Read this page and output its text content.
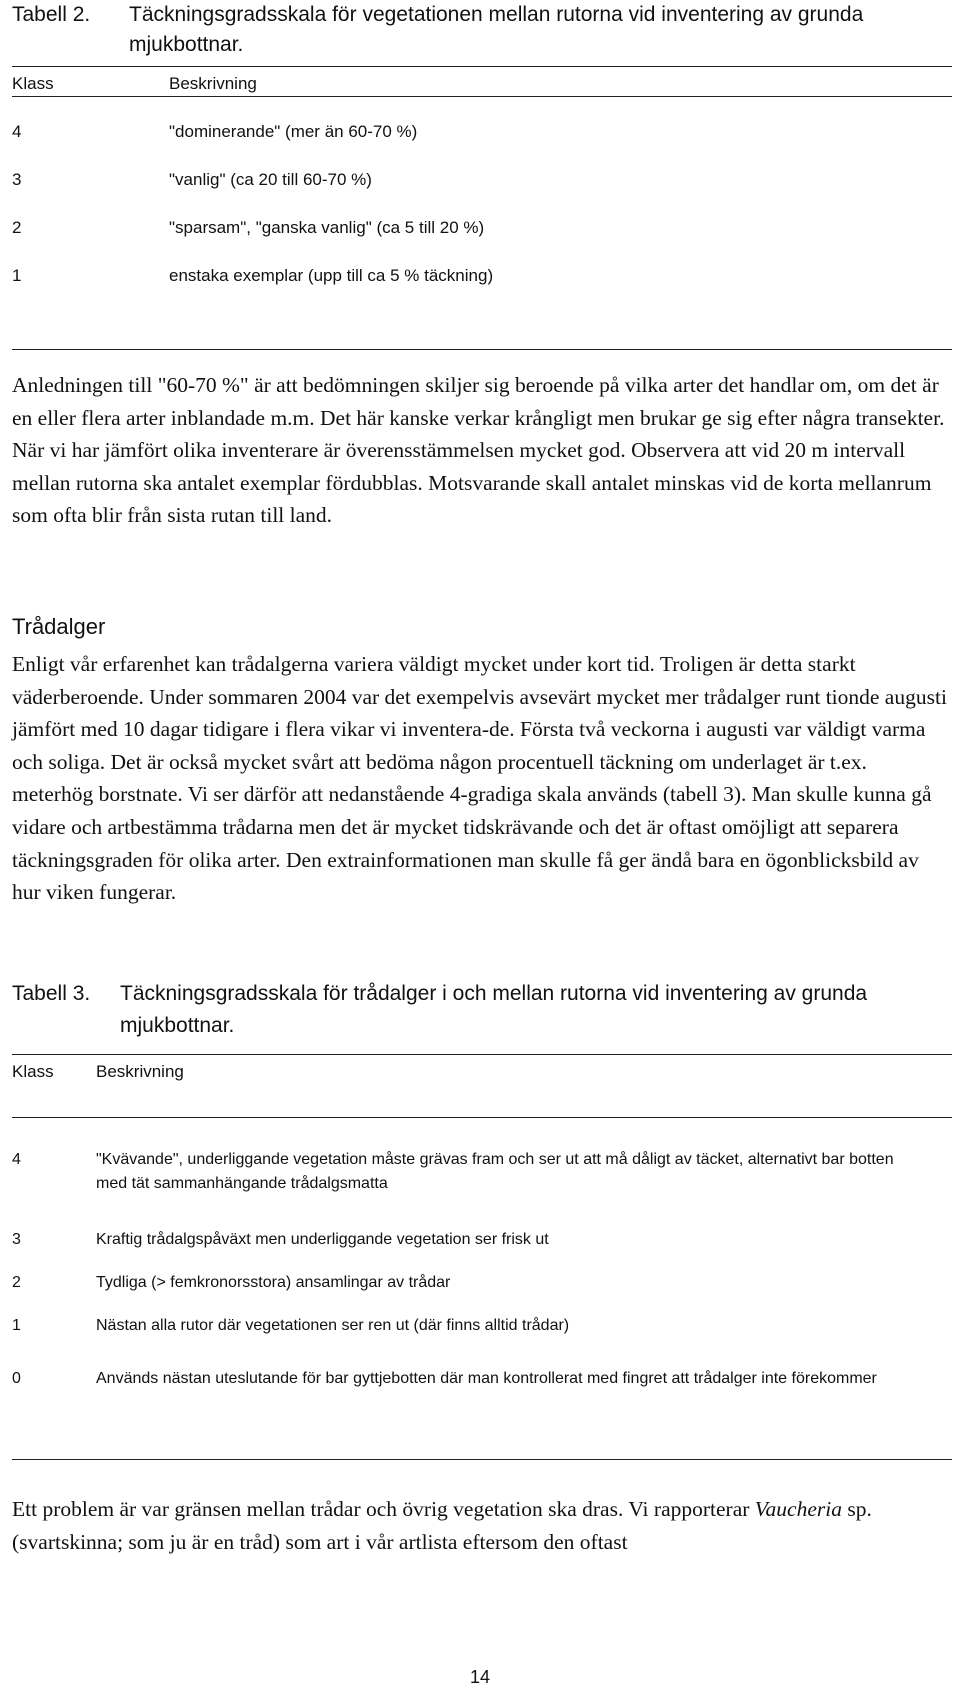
Tabell 2. Täckningsgradsskala för vegetationen mellan rutorna vid inventering av grunda mjukbottnar.
Klass	Beskrivning
4	"dominerande" (mer än 60-70 %)
3	"vanlig" (ca 20 till 60-70 %)
2	"sparsam", "ganska vanlig" (ca 5 till 20 %)
1	enstaka exemplar (upp till ca 5 % täckning)

Anledningen till "60-70 %" är att bedömningen skiljer sig beroende på vilka arter det handlar om, om det är en eller flera arter inblandade m.m. Det här kanske verkar krångligt men brukar ge sig efter några transekter. När vi har jämfört olika inventerare är överensstämmelsen mycket god. Observera att vid 20 m intervall mellan rutorna ska antalet exemplar fördubblas. Motsvarande skall antalet minskas vid de korta mellanrum som ofta blir från sista rutan till land.

Trådalger

Enligt vår erfarenhet kan trådalgerna variera väldigt mycket under kort tid. Troligen är detta starkt väderberoende. Under sommaren 2004 var det exempelvis avsevärt mycket mer trådalger runt tionde augusti jämfört med 10 dagar tidigare i flera vikar vi inventera-de. Första två veckorna i augusti var väldigt varma och soliga. Det är också mycket svårt att bedöma någon procentuell täckning om underlaget är t.ex. meterhög borstnate. Vi ser därför att nedanstående 4-gradiga skala används (tabell 3). Man skulle kunna gå vidare och artbestämma trådarna men det är mycket tidskrävande och det är oftast omöjligt att separera täckningsgraden för olika arter. Den extrainformationen man skulle få ger ändå bara en ögonblicksbild av hur viken fungerar.

Tabell 3. Täckningsgradsskala för trådalger i och mellan rutorna vid inventering av grunda mjukbottnar.
Klass Beskrivning
4	"Kvävande", underliggande vegetation måste grävas fram och ser ut att må dåligt av täcket, alternativt bar botten med tät sammanhängande trådalgsmatta
3	Kraftig trådalgspåväxt men underliggande vegetation ser frisk ut
2	Tydliga (> femkronorsstora) ansamlingar av trådar
1	Nästan alla rutor där vegetationen ser ren ut (där finns alltid trådar)
0	Används nästan uteslutande för bar gyttjebotten där man kontrollerat med fingret att trådalger inte förekommer

Ett problem är var gränsen mellan trådar och övrig vegetation ska dras. Vi rapporterar Vaucheria sp. (svartskinna; som ju är en tråd) som art i vår artlista eftersom den oftast

14
